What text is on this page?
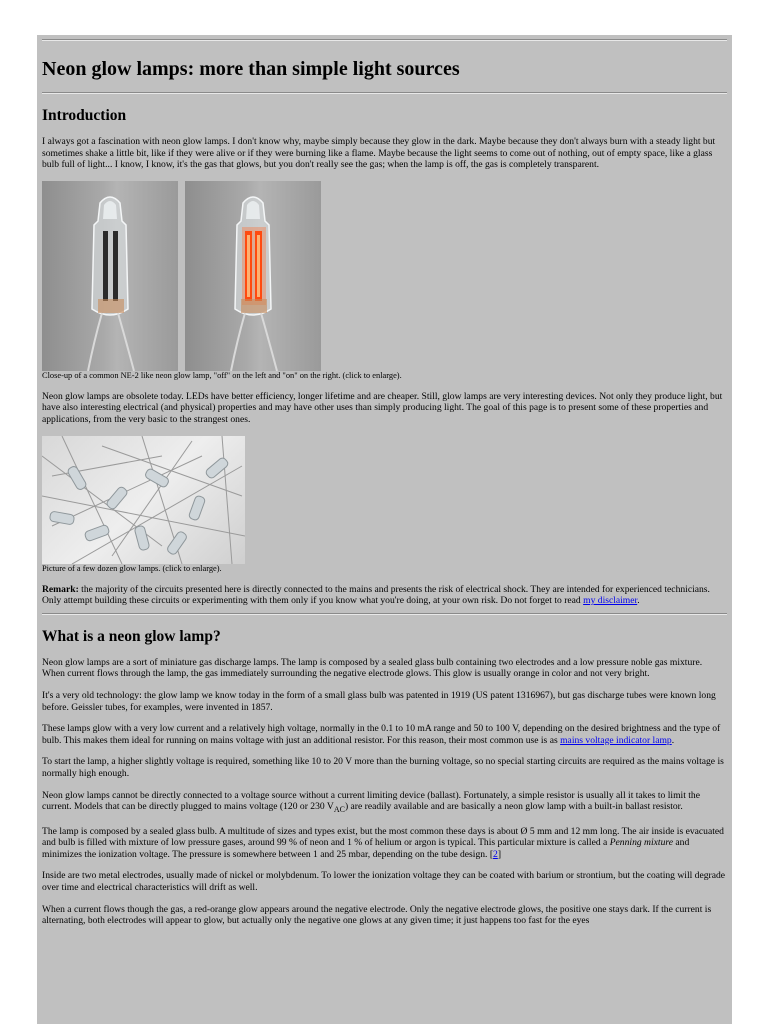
Neon glow lamps: more than simple light sources
Introduction

I always got a fascination with neon glow lamps. I don't know why, maybe simply because they glow in the dark. Maybe because they don't always burn with a steady light but sometimes shake a little bit, like if they were alive or if they were burning like a flame. Maybe because the light seems to come out of nothing, out of empty space, like a glass bulb full of light... I know, I know, it's the gas that glows, but you don't really see the gas; when the lamp is off, the gas is completely transparent.

Close-up of a common NE-2 like neon glow lamp, "off" on the left and "on" on the right. (click to enlarge).

Neon glow lamps are obsolete today. LEDs have better efficiency, longer lifetime and are cheaper. Still, glow lamps are very interesting devices. Not only they produce light, but have also interesting electrical (and physical) properties and may have other uses than simply producing light. The goal of this page is to present some of these properties and applications, from the very basic to the strangest ones.

Picture of a few dozen glow lamps. (click to enlarge).

Remark: the majority of the circuits presented here is directly connected to the mains and presents the risk of electrical shock. They are intended for experienced technicians. Only attempt building these circuits or experimenting with them only if you know what you're doing, at your own risk. Do not forget to read my disclaimer.

What is a neon glow lamp?

Neon glow lamps are a sort of miniature gas discharge lamps. The lamp is composed by a sealed glass bulb containing two electrodes and a low pressure noble gas mixture. When current flows through the lamp, the gas immediately surrounding the negative electrode glows. This glow is usually orange in color and not very bright.

It's a very old technology: the glow lamp we know today in the form of a small glass bulb was patented in 1919 (US patent 1316967), but gas discharge tubes were known long before. Geissler tubes, for examples, were invented in 1857.

These lamps glow with a very low current and a relatively high voltage, normally in the 0.1 to 10 mA range and 50 to 100 V, depending on the desired brightness and the type of bulb. This makes them ideal for running on mains voltage with just an additional resistor. For this reason, their most common use is as mains voltage indicator lamp.

To start the lamp, a higher slightly voltage is required, something like 10 to 20 V more than the burning voltage, so no special starting circuits are required as the mains voltage is normally high enough.

Neon glow lamps cannot be directly connected to a voltage source without a current limiting device (ballast). Fortunately, a simple resistor is usually all it takes to limit the current. Models that can be directly plugged to mains voltage (120 or 230 $V_{AC}$) are readily available and are basically a neon glow lamp with a built-in ballast resistor.

The lamp is composed by a sealed glass bulb. A multitude of sizes and types exist, but the most common these days is about Ø 5 mm and 12 mm long. The air inside is evacuated and bulb is filled with mixture of low pressure gases, around 99 % of neon and 1 % of helium or argon is typical. This particular mixture is called a Penning mixture and minimizes the ionization voltage. The pressure is somewhere between 1 and 25 mbar, depending on the tube design. [2]

Inside are two metal electrodes, usually made of nickel or molybdenum. To lower the ionization voltage they can be coated with barium or strontium, but the coating will degrade over time and electrical characteristics will drift as well.

When a current flows though the gas, a red-orange glow appears around the negative electrode. Only the negative electrode glows, the positive one stays dark. If the current is alternating, both electrodes will appear to glow, but actually only the negative one glows at any given time; it just happens too fast for the eyes
